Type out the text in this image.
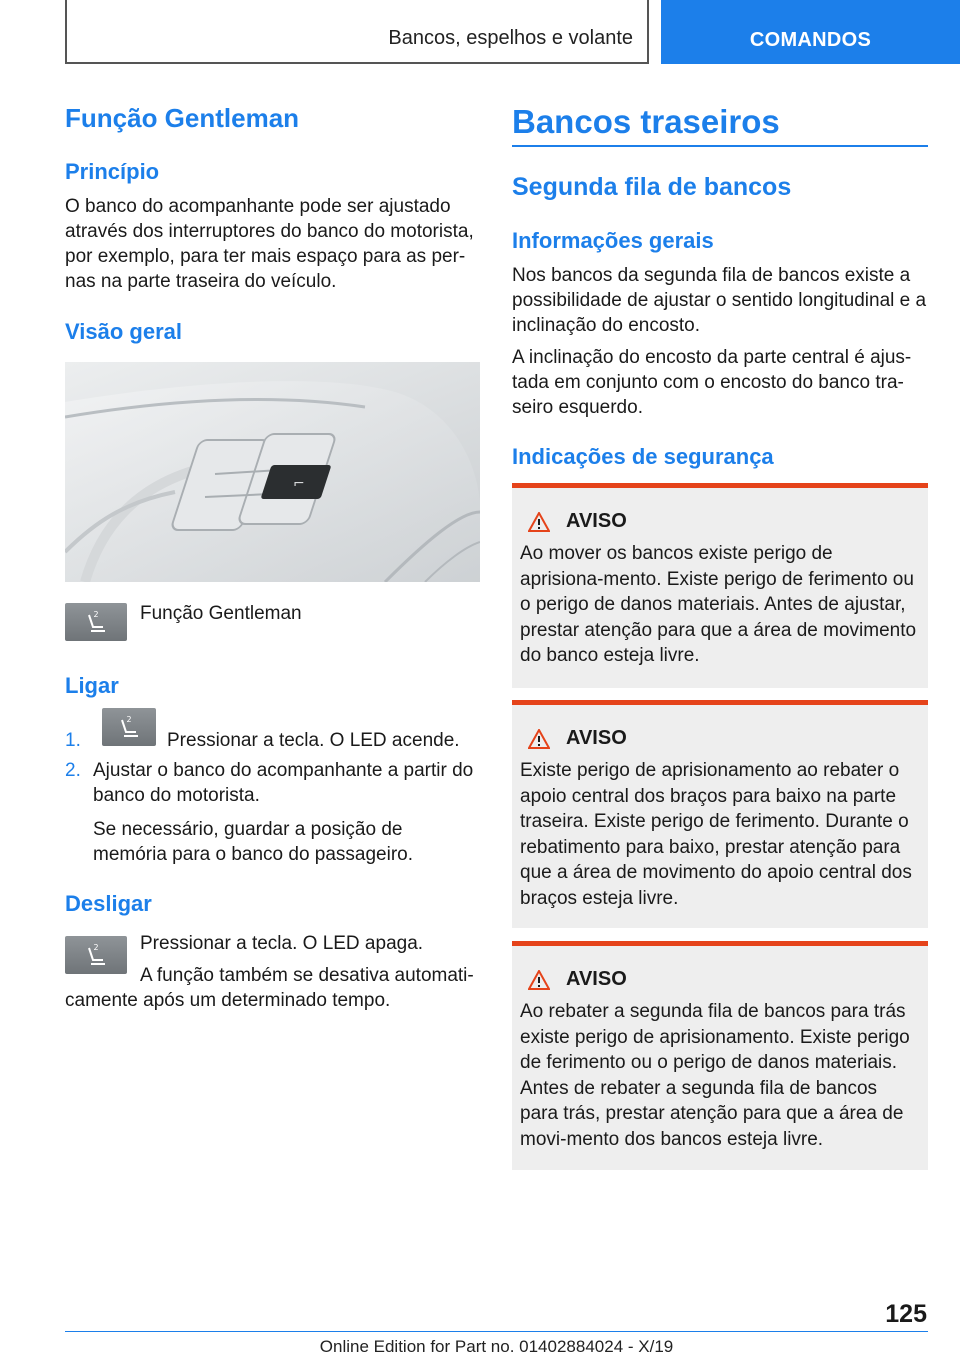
Bancos, espelhos e volante	COMANDOS
Função Gentleman
Princípio
O banco do acompanhante pode ser ajustado através dos interruptores do banco do motorista, por exemplo, para ter mais espaço para as per-nas na parte traseira do veículo.
Visão geral
⌐
2 Função Gentleman
Ligar
1.
2
Pressionar a tecla. O LED acende.
2. Ajustar o banco do acompanhante a partir do banco do motorista.
Se necessário, guardar a posição de memória para o banco do passageiro.
Desligar
2 Pressionar a tecla. O LED apaga.
A função também se desativa automati-camente após um determinado tempo.
Bancos traseiros
Segunda fila de bancos
Informações gerais
Nos bancos da segunda fila de bancos existe a possibilidade de ajustar o sentido longitudinal e a inclinação do encosto.
A inclinação do encosto da parte central é ajus-tada em conjunto com o encosto do banco tra-seiro esquerdo.
Indicações de segurança
AVISO
Ao mover os bancos existe perigo de aprisiona-mento. Existe perigo de ferimento ou o perigo de danos materiais. Antes de ajustar, prestar atenção para que a área de movimento do banco esteja livre.
AVISO
Existe perigo de aprisionamento ao rebater o apoio central dos braços para baixo na parte traseira. Existe perigo de ferimento. Durante o rebatimento para baixo, prestar atenção para que a área de movimento do apoio central dos braços esteja livre.
AVISO
Ao rebater a segunda fila de bancos para trás existe perigo de aprisionamento. Existe perigo de ferimento ou o perigo de danos materiais. Antes de rebater a segunda fila de bancos para trás, prestar atenção para que a área de movi-mento dos bancos esteja livre.
125
Online Edition for Part no. 01402884024 - X/19
